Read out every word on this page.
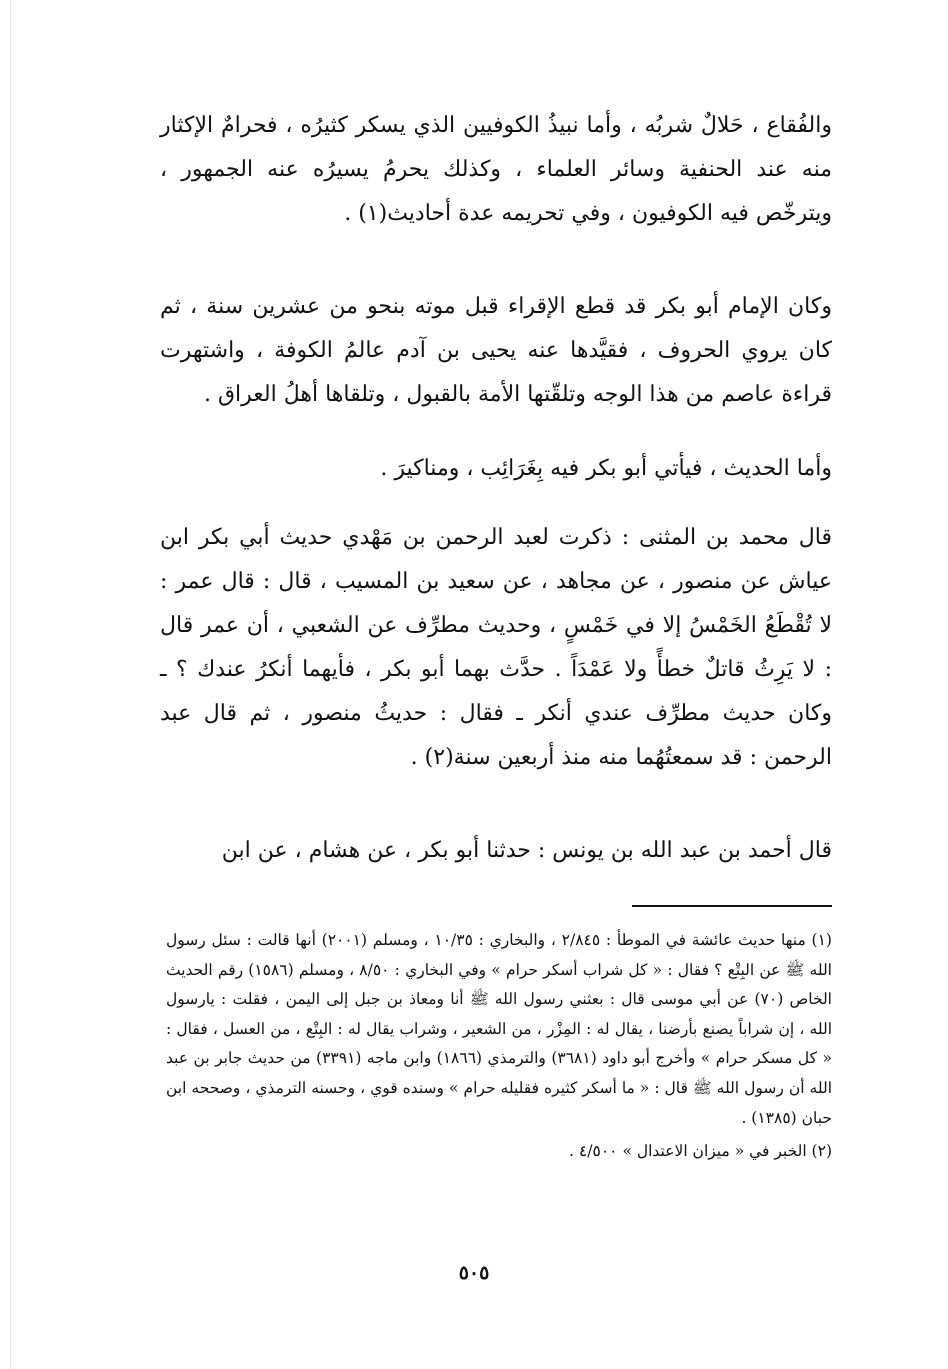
والفُقاع ، حَلالٌ شربُه ، وأما نبيذُ الكوفيين الذي يسكر كثيرُه ، فحرامٌ الإكثار منه عند الحنفية وسائر العلماء ، وكذلك يحرمُ يسيرُه عنه الجمهور ، ويترخّص فيه الكوفيون ، وفي تحريمه عدة أحاديث(١) .

وكان الإمام أبو بكر قد قطع الإقراء قبل موته بنحو من عشرين سنة ، ثم كان يروي الحروف ، فقيَّدها عنه يحيى بن آدم عالمُ الكوفة ، واشتهرت قراءة عاصم من هذا الوجه وتلقّتها الأمة بالقبول ، وتلقاها أهلُ العراق .

وأما الحديث ، فيأتي أبو بكر فيه بِغَرَائِب ، ومناكيرَ .

قال محمد بن المثنى : ذكرت لعبد الرحمن بن مَهْدي حديث أبي بكر ابن عياش عن منصور ، عن مجاهد ، عن سعيد بن المسيب ، قال : قال عمر : لا تُقْطَعُ الخَمْسُ إلا في خَمْسٍ ، وحديث مطرِّف عن الشعبي ، أن عمر قال : لا يَرِثُ قاتلٌ خطأً ولا عَمْدَاً . حدَّث بهما أبو بكر ، فأيهما أنكرُ عندك ؟ ـ وكان حديث مطرِّف عندي أنكر ـ فقال : حديثُ منصور ، ثم قال عبد الرحمن : قد سمعتُهُما منه منذ أربعين سنة(٢) .

قال أحمد بن عبد الله بن يونس : حدثنا أبو بكر ، عن هشام ، عن ابن

(١) منها حديث عائشة في الموطأ : ٢/٨٤٥ ، والبخاري : ١٠/٣٥ ، ومسلم (٢٠٠١) أنها قالت : سئل رسول الله ﷺ عن البِتْع ؟ فقال : « كل شراب أسكر حرام » وفي البخاري : ٨/٥٠ ، ومسلم (١٥٨٦) رقم الحديث الخاص (٧٠) عن أبي موسى قال : بعثني رسول الله ﷺ أنا ومعاذ بن جبل إلى اليمن ، فقلت : يارسول الله ، إن شراباً يصنع بأرضنا ، يقال له : المِزْر ، من الشعير ، وشراب يقال له : البِتْع ، من العسل ، فقال : « كل مسكر حرام » وأخرج أبو داود (٣٦٨١) والترمذي (١٨٦٦) وابن ماجه (٣٣٩١) من حديث جابر بن عبد الله أن رسول الله ﷺ قال : « ما أسكر كثيره فقليله حرام » وسنده قوي ، وحسنه الترمذي ، وصححه ابن حبان (١٣٨٥) .

(٢) الخبر في « ميزان الاعتدال » ٤/٥٠٠ .

٥٠٥
